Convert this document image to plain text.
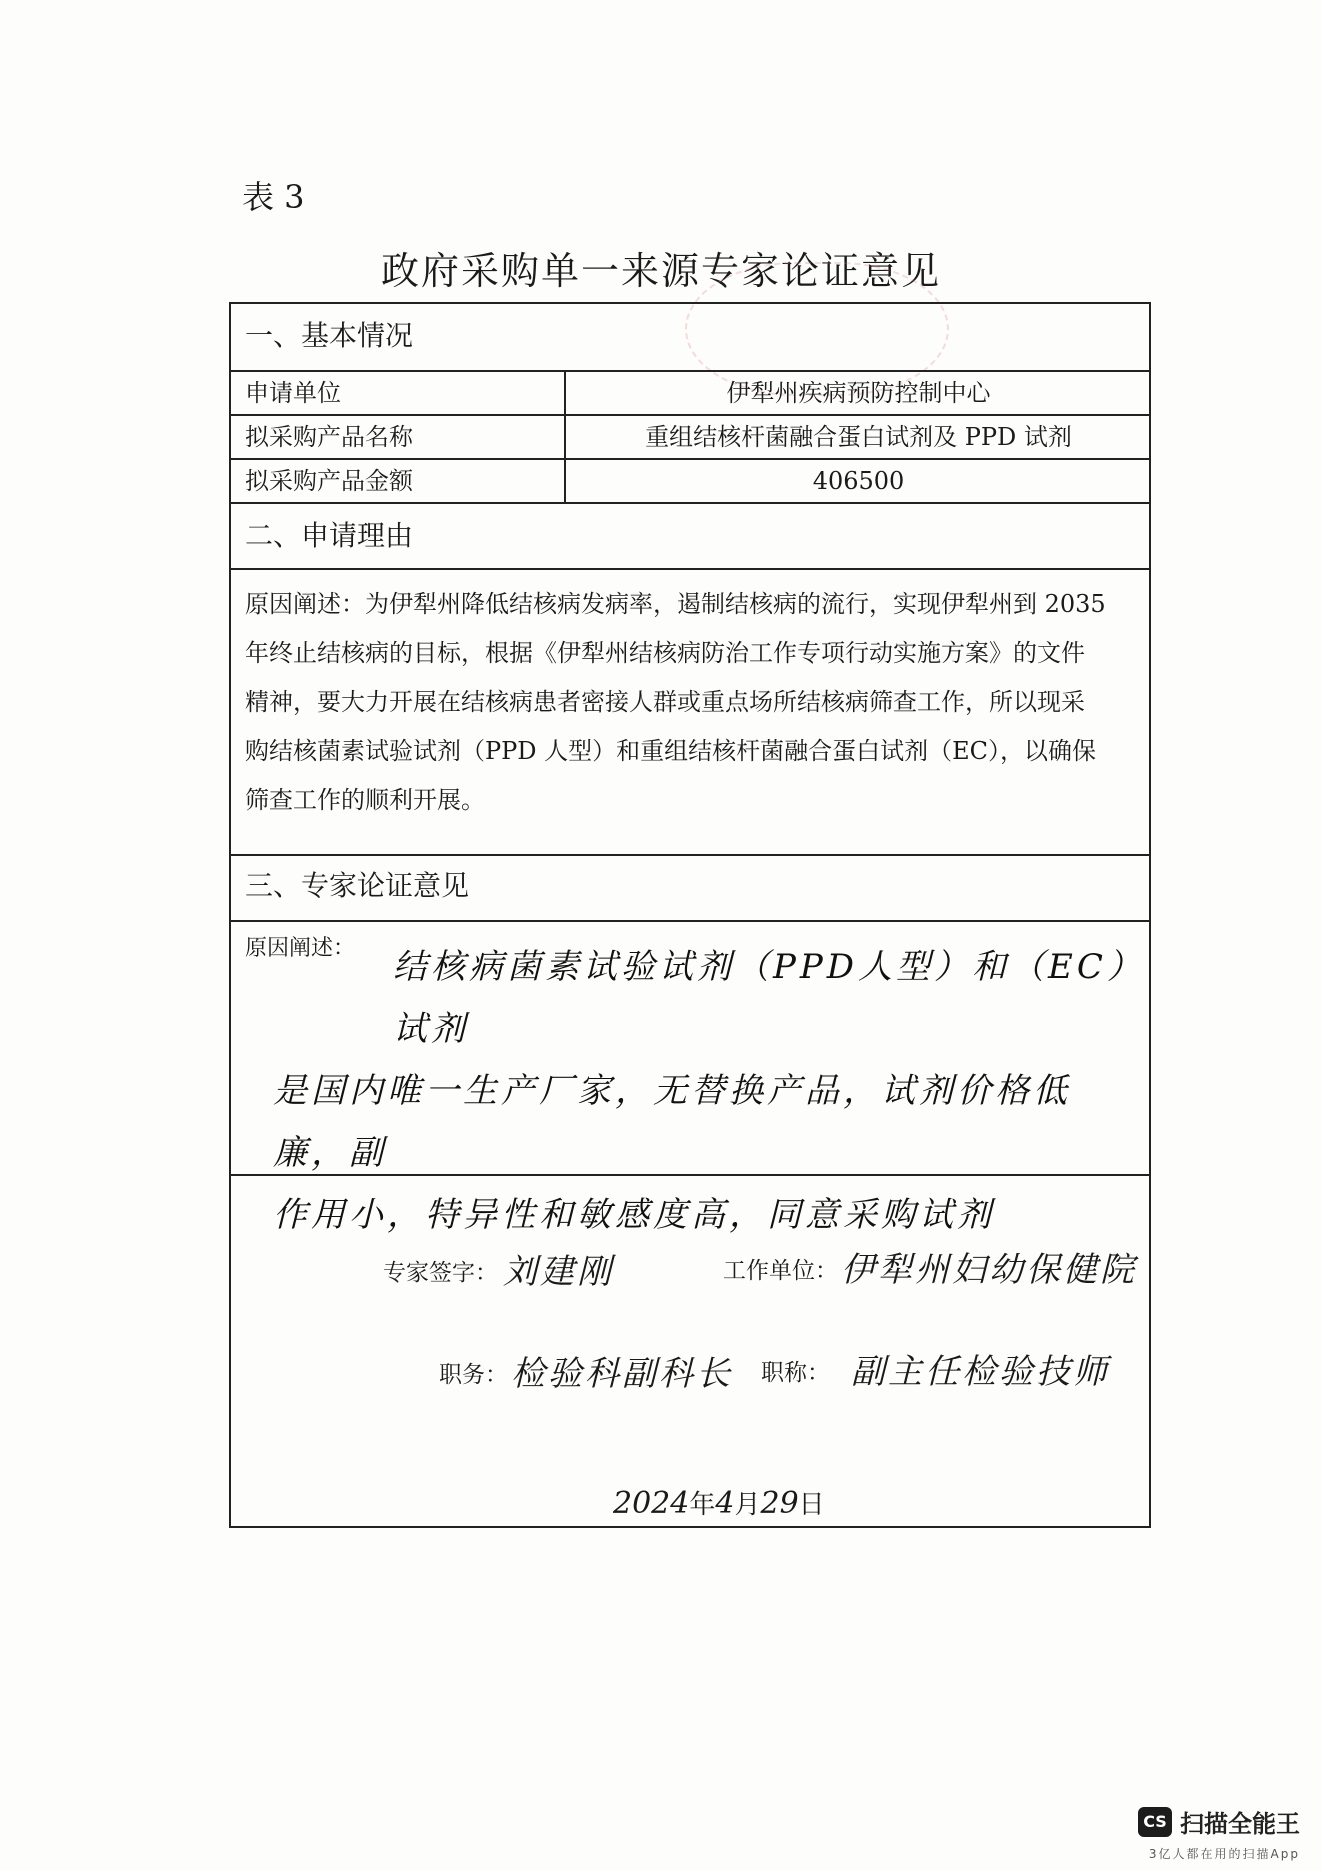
表 3
政府采购单一来源专家论证意见
一、基本情况
申请单位	伊犁州疾病预防控制中心
拟采购产品名称	重组结核杆菌融合蛋白试剂及 PPD 试剂
拟采购产品金额	406500
二、申请理由
原因阐述：为伊犁州降低结核病发病率，遏制结核病的流行，实现伊犁州到 2035
年终止结核病的目标，根据《伊犁州结核病防治工作专项行动实施方案》的文件
精神，要大力开展在结核病患者密接人群或重点场所结核病筛查工作，所以现采
购结核菌素试验试剂（PPD 人型）和重组结核杆菌融合蛋白试剂（EC），以确保
筛查工作的顺利开展。
三、专家论证意见
原因阐述：	结核病菌素试验试剂（PPD人型）和（EC）试剂
是国内唯一生产厂家，无替换产品，试剂价格低廉，副
作用小，特异性和敏感度高，同意采购试剂
专家签字： 刘建刚	工作单位： 伊犁州妇幼保健院
职务： 检验科副科长 职称： 副主任检验技师
2024年4月29日
CS 扫描全能王
3亿人都在用的扫描App
